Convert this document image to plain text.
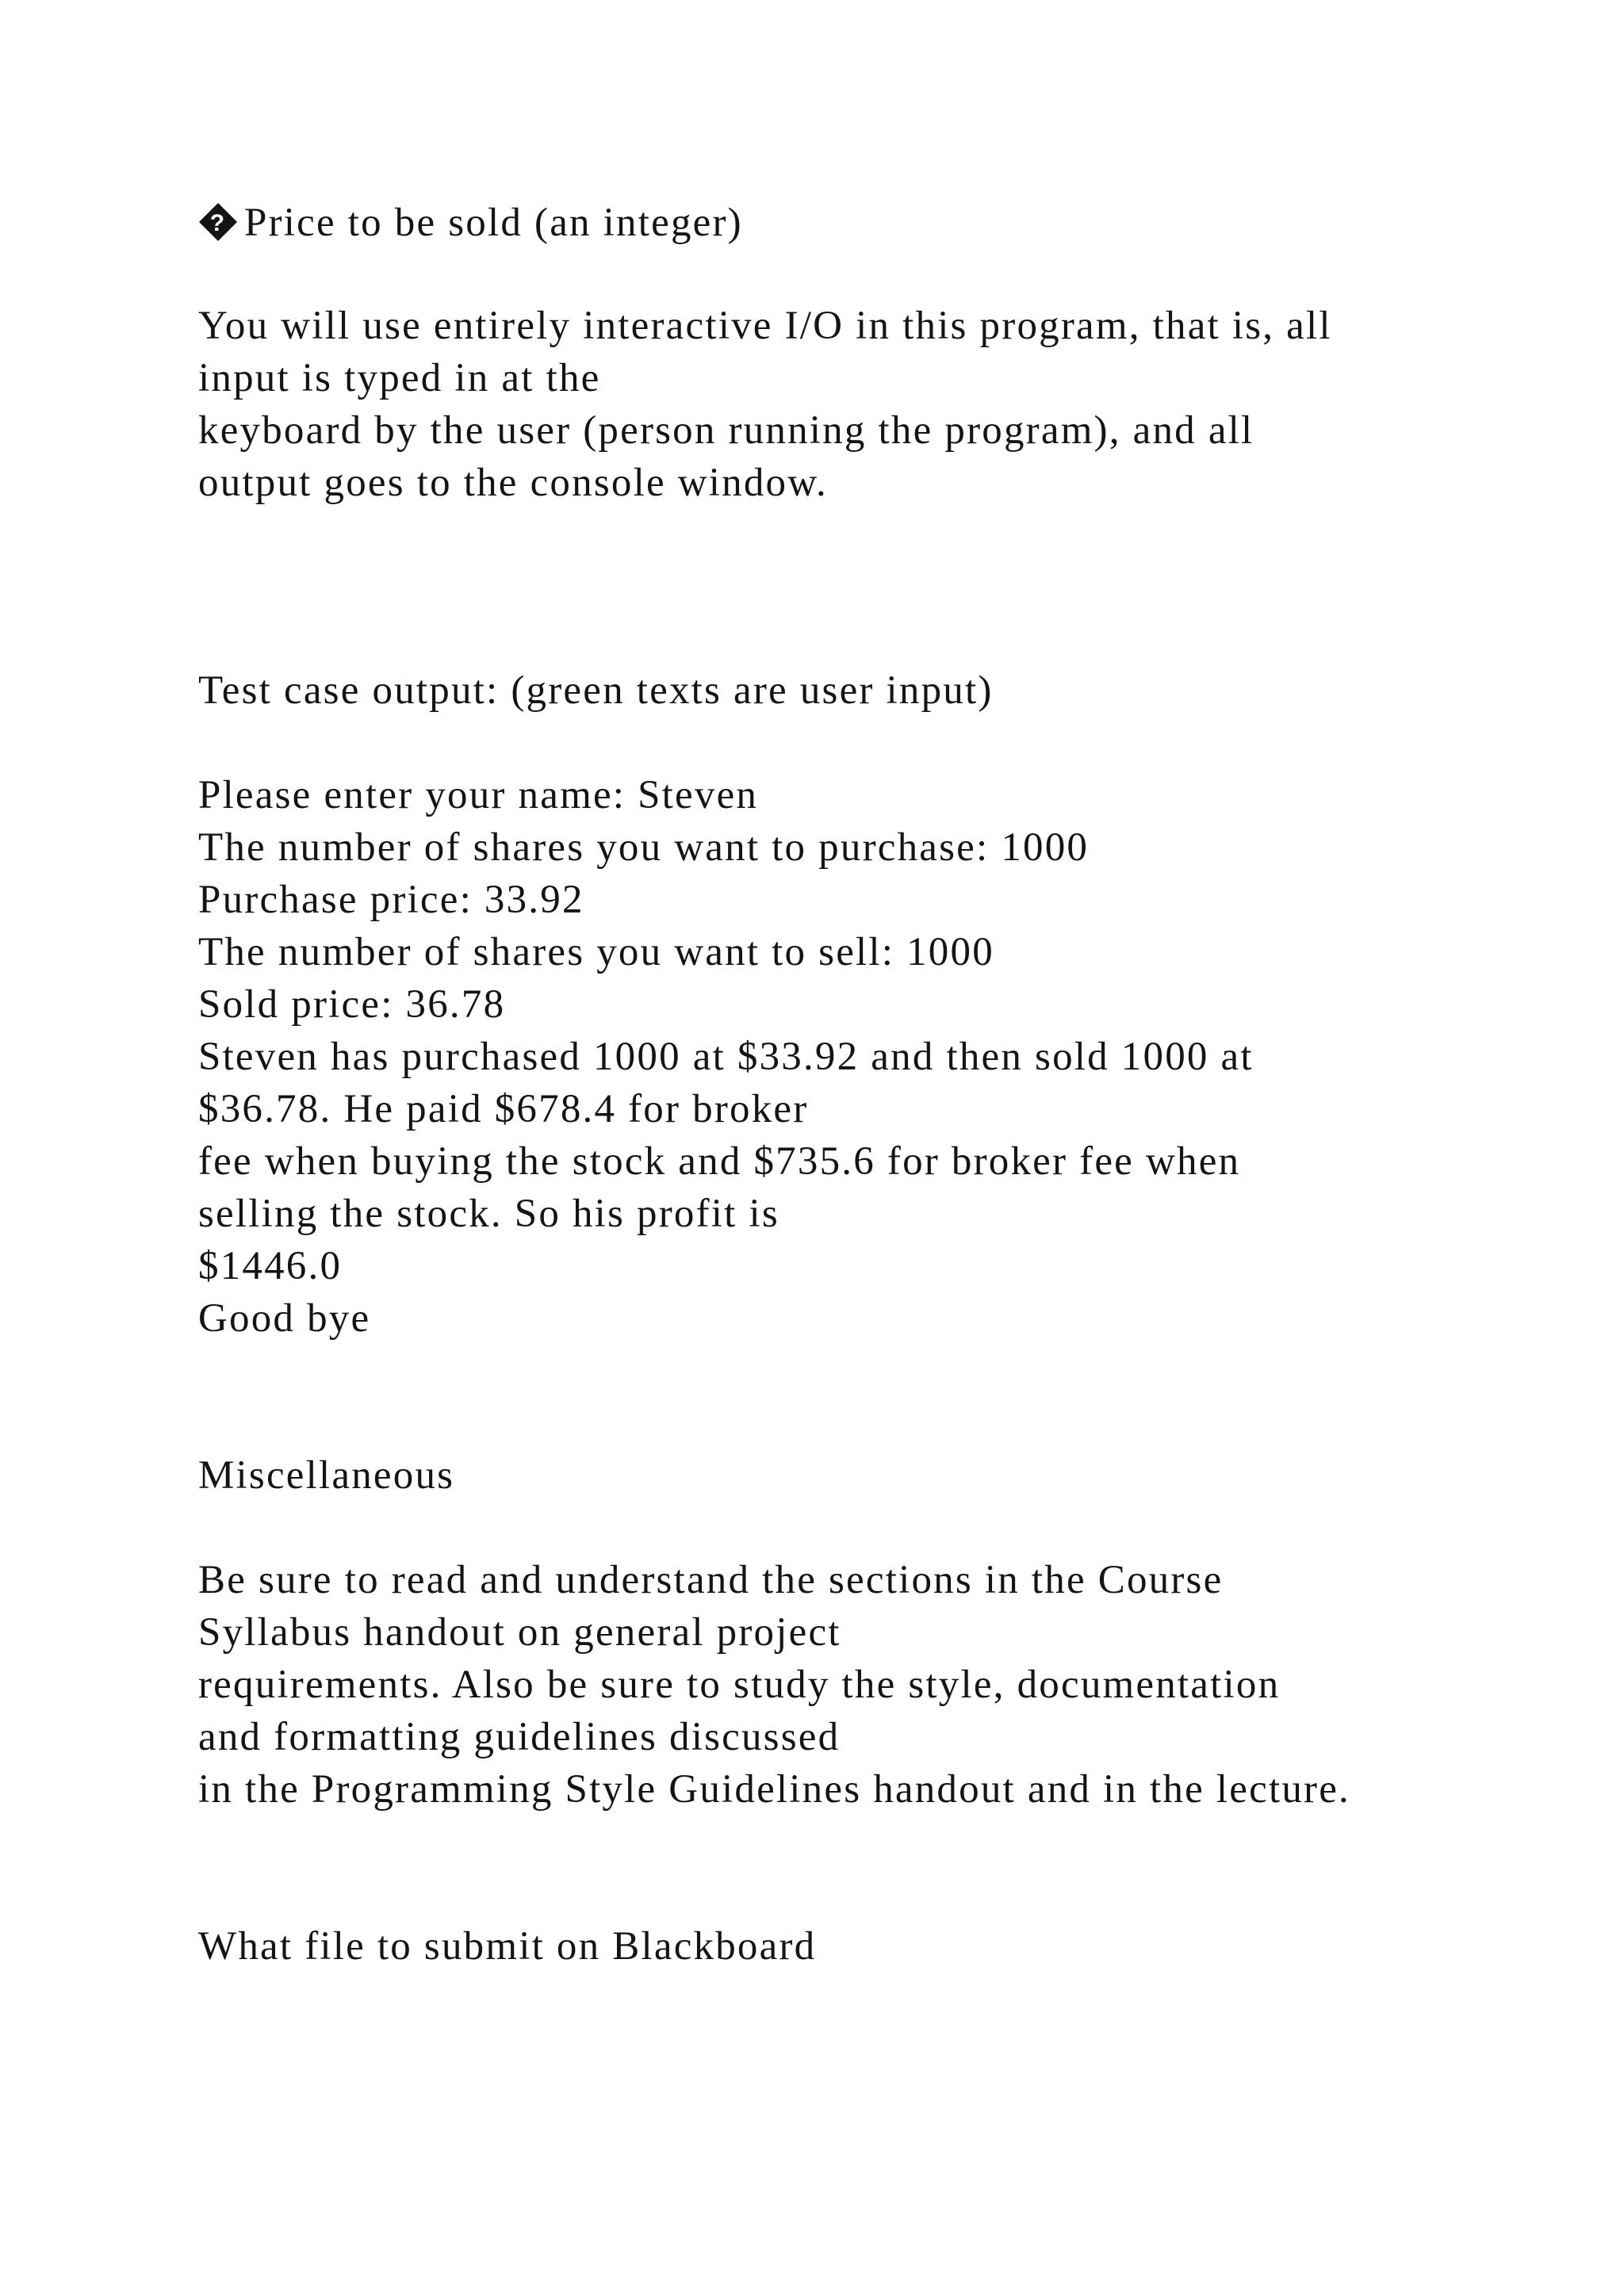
? Price to be sold (an integer)

You will use entirely interactive I/O in this program, that is, all

input is typed in at the

keyboard by the user (person running the program), and all

output goes to the console window.

Test case output: (green texts are user input)

Please enter your name: Steven

The number of shares you want to purchase: 1000

Purchase price: 33.92

The number of shares you want to sell: 1000

Sold price: 36.78

Steven has purchased 1000 at $33.92 and then sold 1000 at

$36.78. He paid $678.4 for broker

fee when buying the stock and $735.6 for broker fee when

selling the stock. So his profit is

$1446.0

Good bye

Miscellaneous

Be sure to read and understand the sections in the Course

Syllabus handout on general project

requirements. Also be sure to study the style, documentation

and formatting guidelines discussed

in the Programming Style Guidelines handout and in the lecture.

What file to submit on Blackboard
